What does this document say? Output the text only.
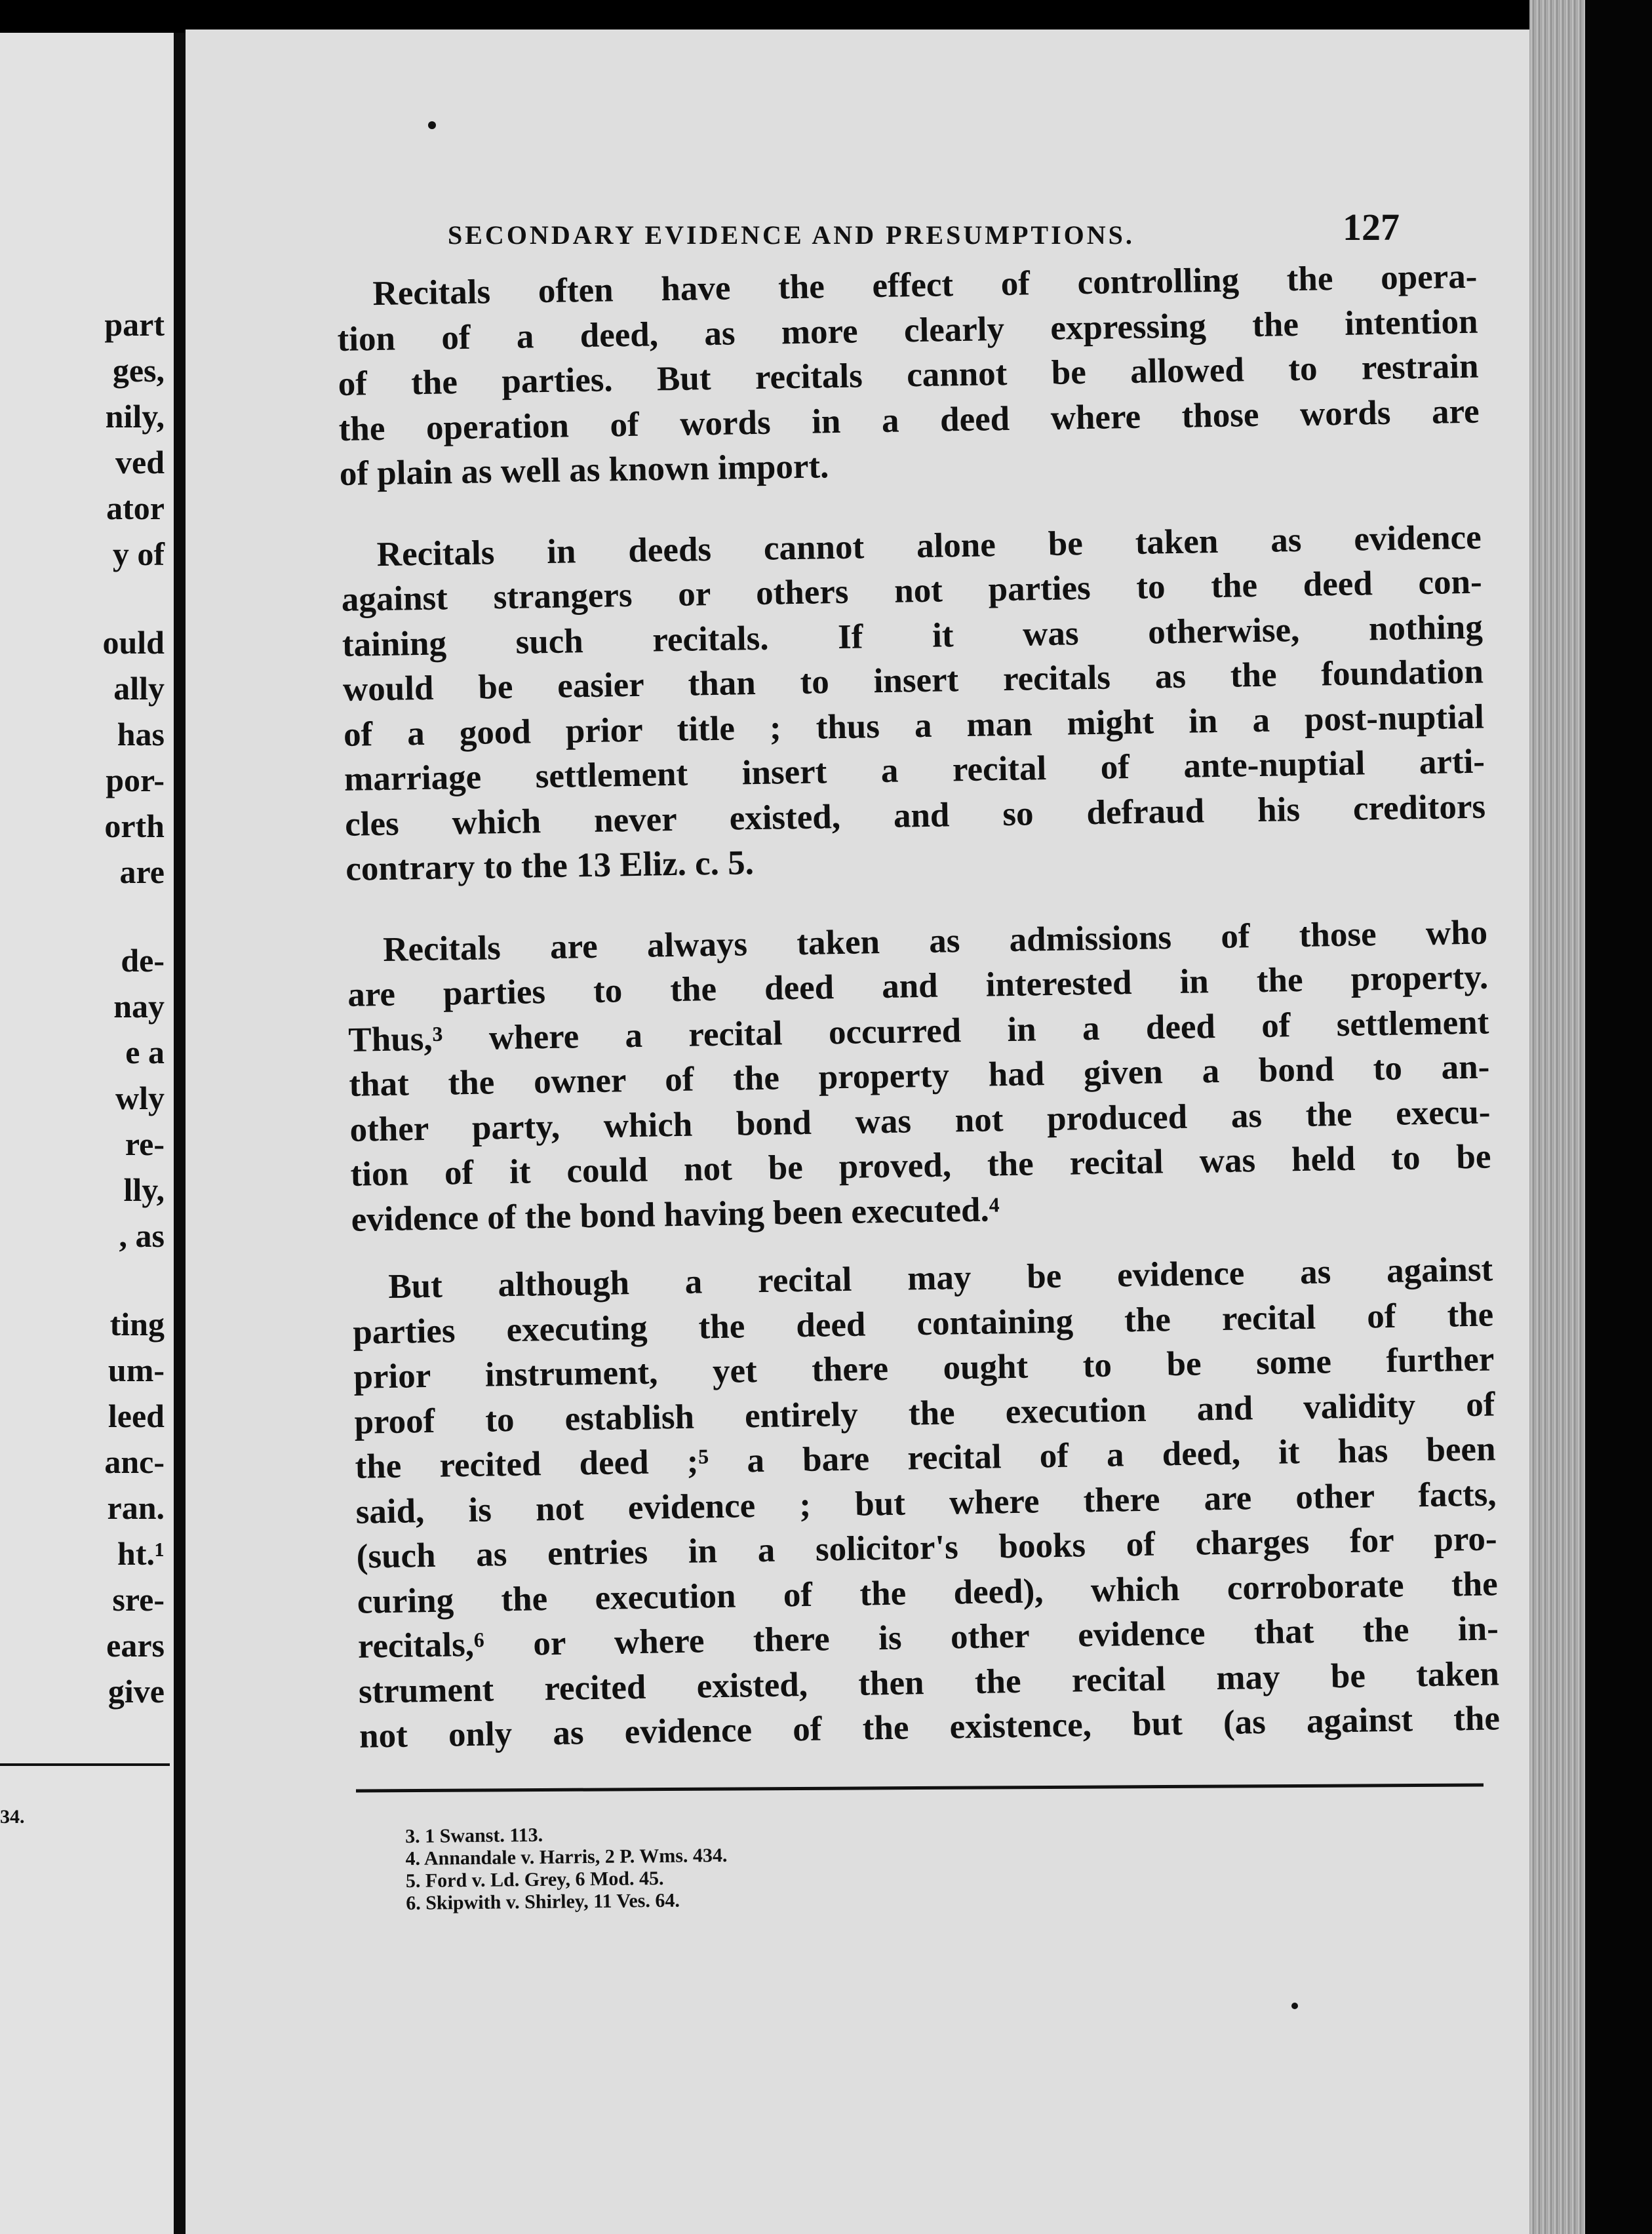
part
ges,
nily,
ved
ator
y of
ould
ally
has
por-
orth
are
de-
nay
e a
wly
re-
lly,
, as
ting
um-
leed
anc-
ran.
ht.¹
sre-
ears
give
34.
SECONDARY EVIDENCE AND PRESUMPTIONS.	127
Recitals often have the effect of controlling the opera-
tion of a deed, as more clearly expressing the intention
of the parties. But recitals cannot be allowed to restrain
the operation of words in a deed where those words are
of plain as well as known import.
Recitals in deeds cannot alone be taken as evidence
against strangers or others not parties to the deed con-
taining such recitals. If it was otherwise, nothing
would be easier than to insert recitals as the foundation
of a good prior title ; thus a man might in a post-nuptial
marriage settlement insert a recital of ante-nuptial arti-
cles which never existed, and so defraud his creditors
contrary to the 13 Eliz. c. 5.
Recitals are always taken as admissions of those who
are parties to the deed and interested in the property.
Thus,³ where a recital occurred in a deed of settlement
that the owner of the property had given a bond to an-
other party, which bond was not produced as the execu-
tion of it could not be proved, the recital was held to be
evidence of the bond having been executed.⁴
But although a recital may be evidence as against
parties executing the deed containing the recital of the
prior instrument, yet there ought to be some further
proof to establish entirely the execution and validity of
the recited deed ;⁵ a bare recital of a deed, it has been
said, is not evidence ; but where there are other facts,
(such as entries in a solicitor's books of charges for pro-
curing the execution of the deed), which corroborate the
recitals,⁶ or where there is other evidence that the in-
strument recited existed, then the recital may be taken
not only as evidence of the existence, but (as against the
3. 1 Swanst. 113.
4. Annandale v. Harris, 2 P. Wms. 434.
5. Ford v. Ld. Grey, 6 Mod. 45.
6. Skipwith v. Shirley, 11 Ves. 64.
